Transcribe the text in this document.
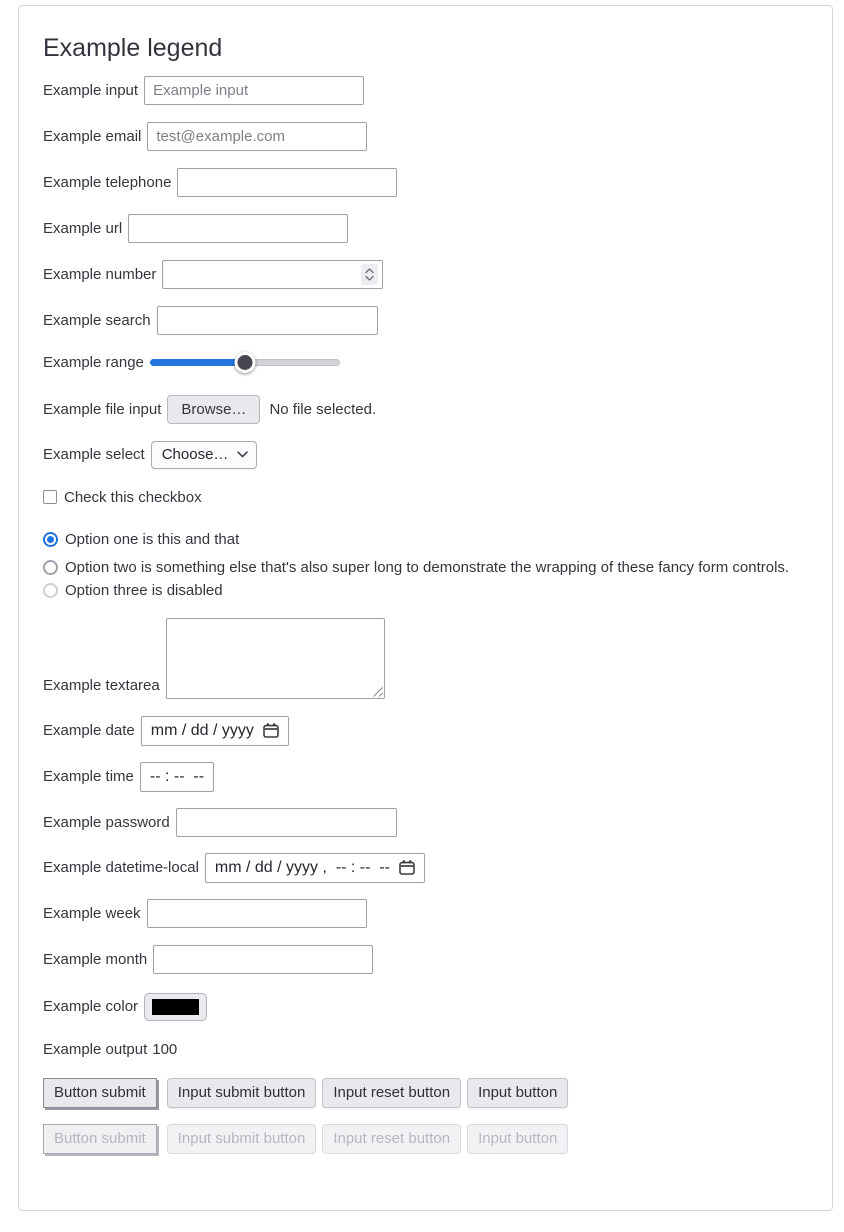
Example legend
Example input
Example input
Example email
test@example.com
Example telephone
Example url
Example number
Example search
Example range
Example file input	Browse…	No file selected.
Example select Choose…
Check this checkbox
Option one is this and that
Option two is something else that's also super long to demonstrate the wrapping of these fancy form controls.
Option three is disabled
Example textarea
Example date mm / dd / yyyy
Example time -- : --  --
Example password
Example datetime-local mm / dd / yyyy ,  -- : --  --
Example week
Example month
Example color
Example output 100
Button submit	Input submit button	Input reset button	Input button
Button submit	Input submit button	Input reset button	Input button
